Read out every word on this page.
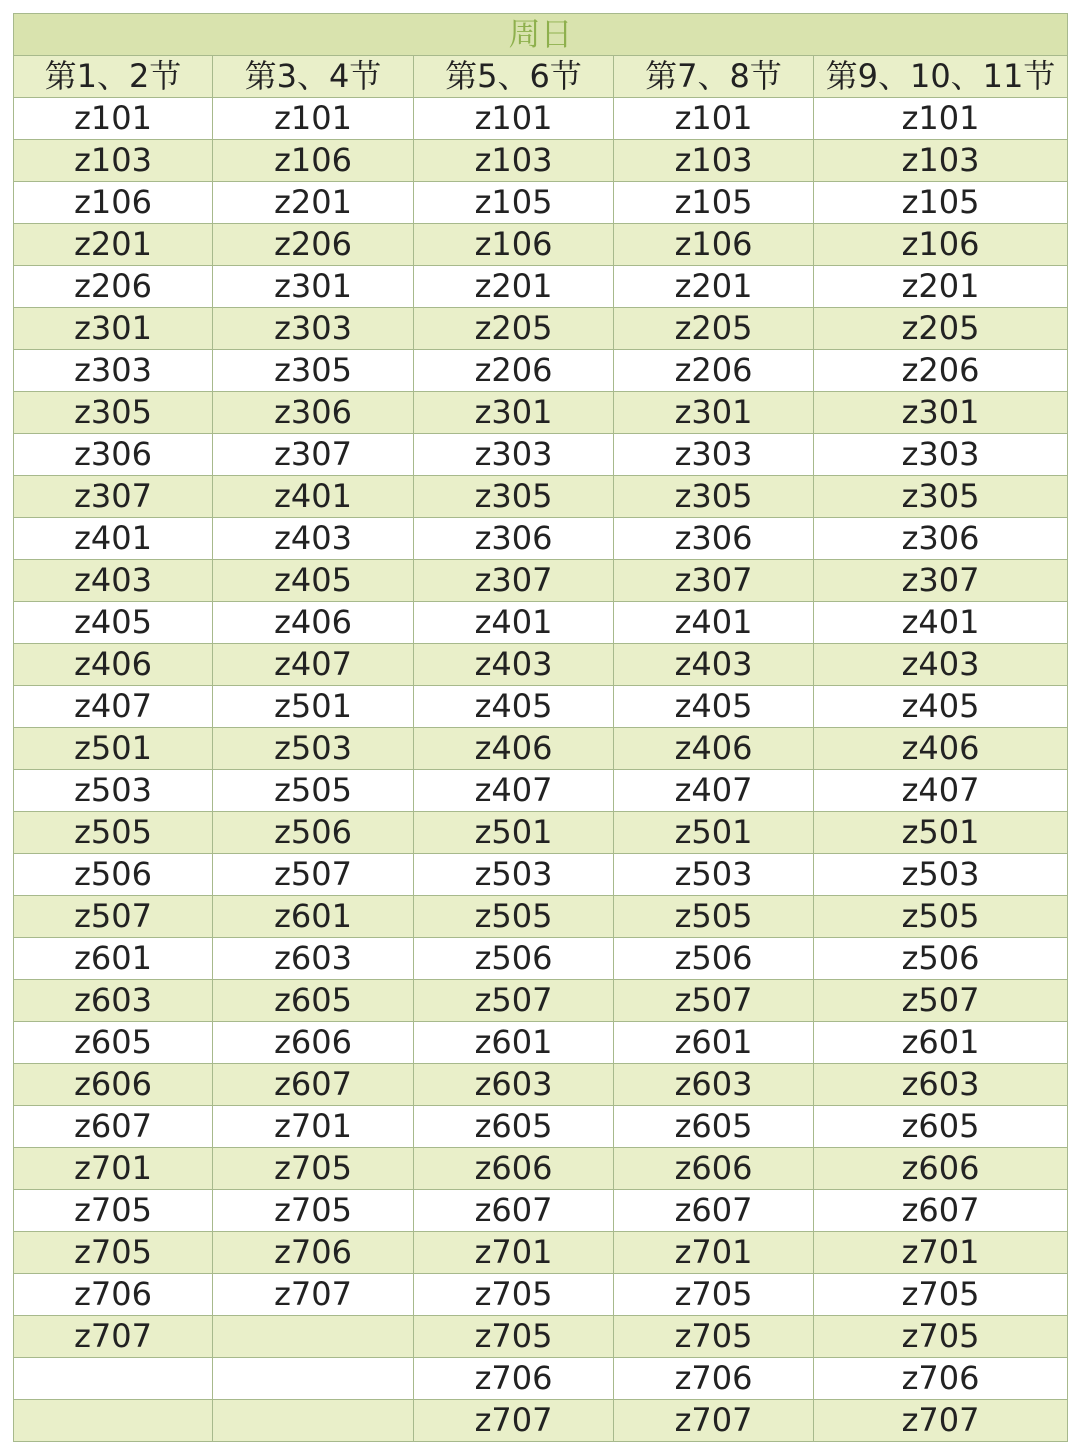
周日				
第1、2节	第3、4节	第5、6节	第7、8节	第9、10、11节
z101	z101	z101	z101	z101
z103	z106	z103	z103	z103
z106	z201	z105	z105	z105
z201	z206	z106	z106	z106
z206	z301	z201	z201	z201
z301	z303	z205	z205	z205
z303	z305	z206	z206	z206
z305	z306	z301	z301	z301
z306	z307	z303	z303	z303
z307	z401	z305	z305	z305
z401	z403	z306	z306	z306
z403	z405	z307	z307	z307
z405	z406	z401	z401	z401
z406	z407	z403	z403	z403
z407	z501	z405	z405	z405
z501	z503	z406	z406	z406
z503	z505	z407	z407	z407
z505	z506	z501	z501	z501
z506	z507	z503	z503	z503
z507	z601	z505	z505	z505
z601	z603	z506	z506	z506
z603	z605	z507	z507	z507
z605	z606	z601	z601	z601
z606	z607	z603	z603	z603
z607	z701	z605	z605	z605
z701	z705	z606	z606	z606
z705	z705	z607	z607	z607
z705	z706	z701	z701	z701
z706	z707	z705	z705	z705
z707		z705	z705	z705
		z706	z706	z706
		z707	z707	z707
